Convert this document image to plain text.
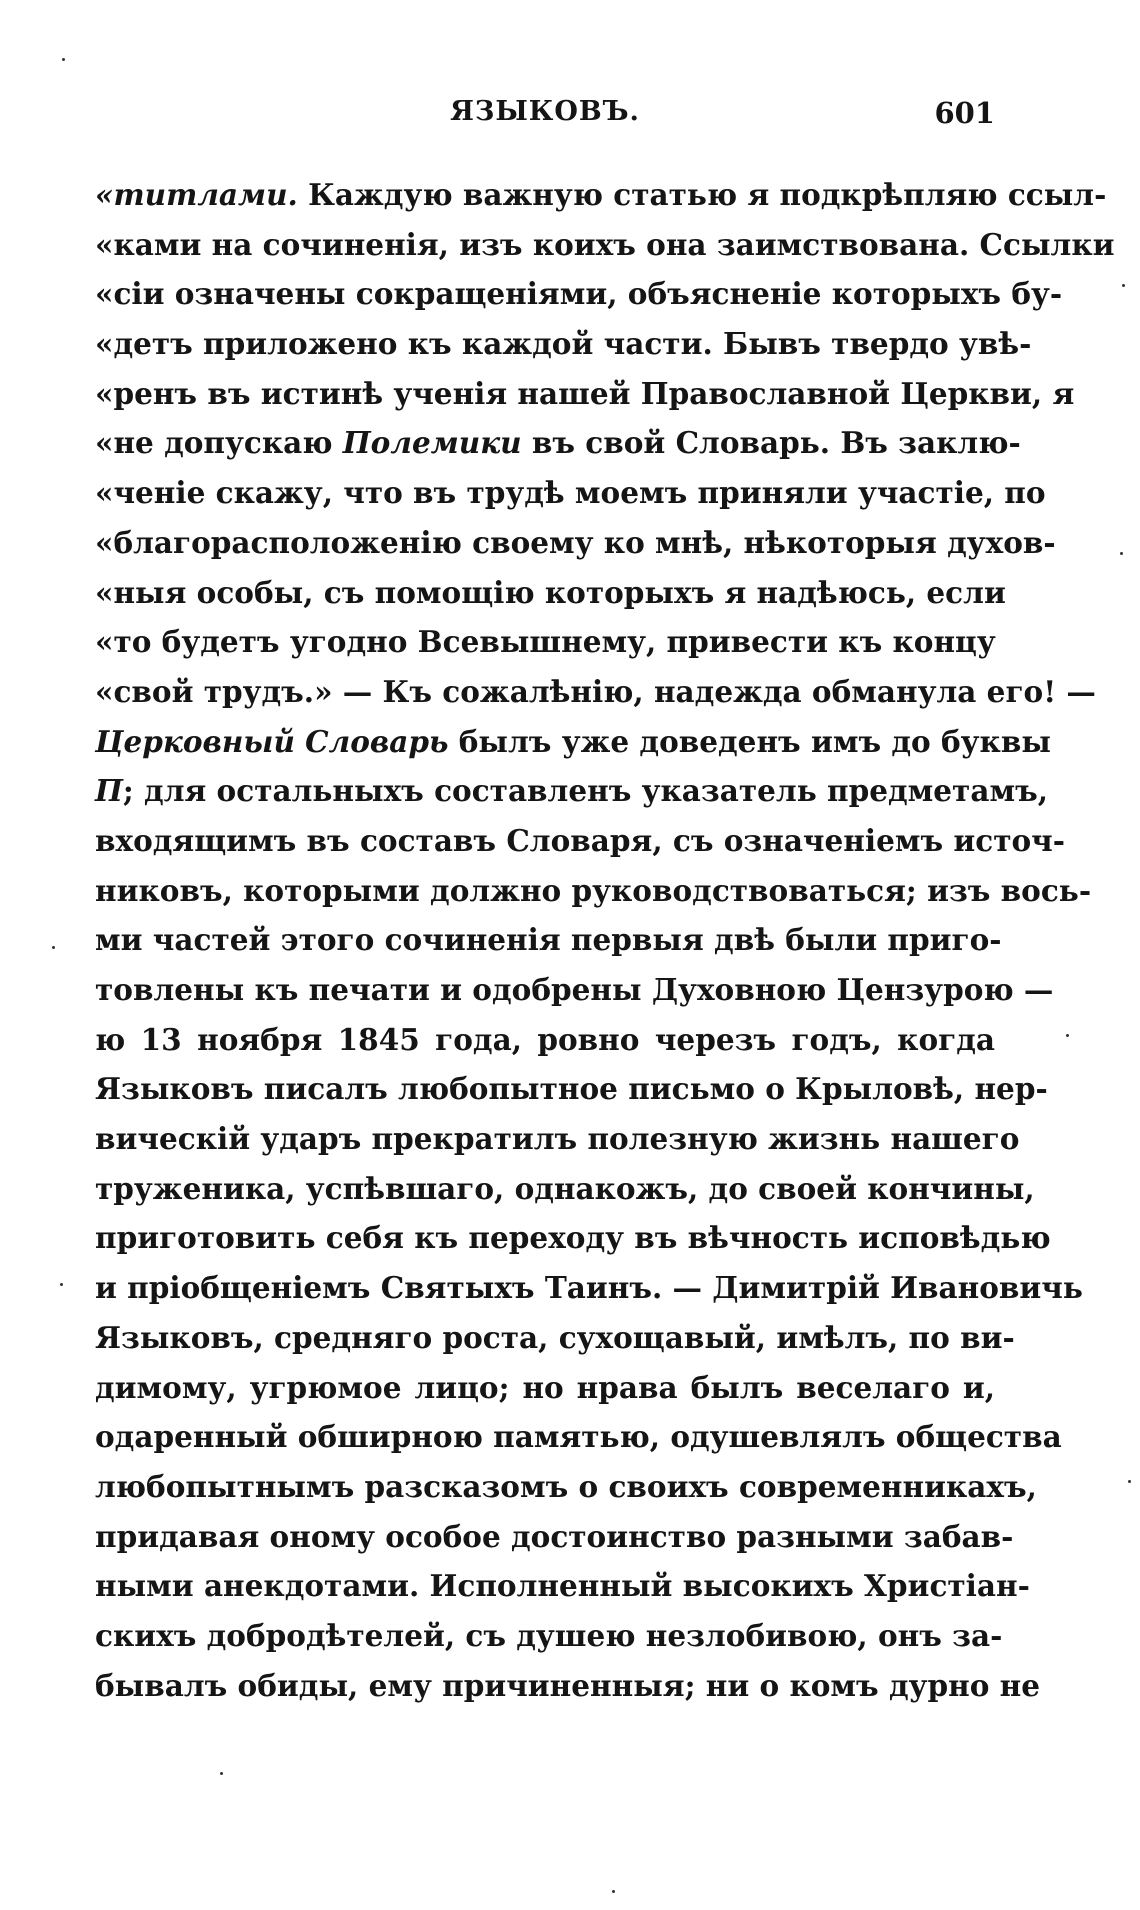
ЯЗЫКОВЪ.	601
«титлами. Каждую важную статью я подкрѣпляю ссыл-
«ками на сочиненія, изъ коихъ она заимствована. Ссылки
«сіи означены сокращеніями, объясненіе которыхъ бу-
«детъ приложено къ каждой части. Бывъ твердо увѣ-
«ренъ въ истинѣ ученія нашей Православной Церкви, я
«не допускаю Полемики въ свой Словарь. Въ заклю-
«ченіе скажу, что въ трудѣ моемъ приняли участіе, по
«благорасположенію своему ко мнѣ, нѣкоторыя духов-
«ныя особы, съ помощію которыхъ я надѣюсь, если
«то будетъ угодно Всевышнему, привести къ концу
«свой трудъ.» — Къ сожалѣнію, надежда обманула его! —
Церковный Словарь былъ уже доведенъ имъ до буквы
П; для остальныхъ составленъ указатель предметамъ,
входящимъ въ составъ Словаря, съ означеніемъ источ-
никовъ, которыми должно руководствоваться; изъ вось-
ми частей этого сочиненія первыя двѣ были приго-
товлены къ печати и одобрены Духовною Цензурою —
ю 13 ноября 1845 года, ровно черезъ годъ, когда
Языковъ писалъ любопытное письмо о Крыловѣ, нер-
вическій ударъ прекратилъ полезную жизнь нашего
труженика, успѣвшаго, однакожъ, до своей кончины,
приготовить себя къ переходу въ вѣчность исповѣдью
и пріобщеніемъ Святыхъ Таинъ. — Димитрій Ивановичь
Языковъ, средняго роста, сухощавый, имѣлъ, по ви-
димому, угрюмое лицо; но нрава былъ веселаго и,
одаренный обширною памятью, одушевлялъ общества
любопытнымъ разсказомъ о своихъ современникахъ,
придавая оному особое достоинство разными забав-
ными анекдотами. Исполненный высокихъ Христіан-
скихъ добродѣтелей, съ душею незлобивою, онъ за-
бывалъ обиды, ему причиненныя; ни о комъ дурно не
